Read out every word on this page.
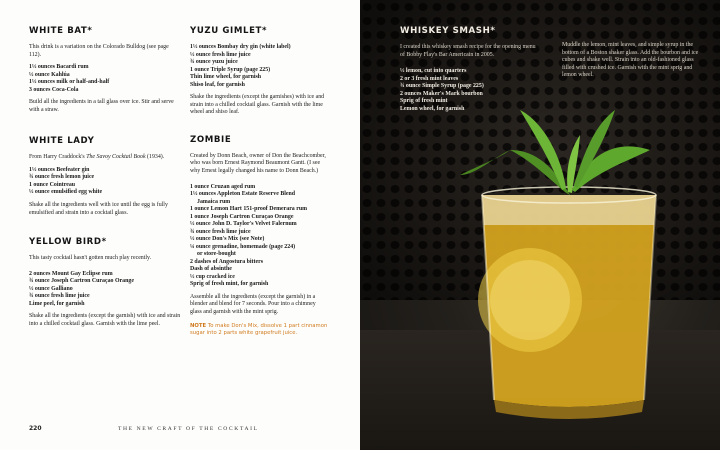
WHITE BAT*
This drink is a variation on the Colorado Bulldog (see page 112).
1½ ounces Bacardi rum
½ ounce Kahlúa
1½ ounces milk or half-and-half
3 ounces Coca-Cola
Build all the ingredients in a tall glass over ice. Stir and serve with a straw.
WHITE LADY
From Harry Craddock's The Savoy Cocktail Book (1934).
1½ ounces Beefeater gin
¾ ounce fresh lemon juice
1 ounce Cointreau
½ ounce emulsified egg white
Shake all the ingredients well with ice until the egg is fully emulsified and strain into a cocktail glass.
YELLOW BIRD*
This tasty cocktail hasn't gotten much play recently.
2 ounces Mount Gay Eclipse rum
¾ ounce Joseph Cartron Curaçao Orange
½ ounce Galliano
¾ ounce fresh lime juice
Lime peel, for garnish
Shake all the ingredients (except the garnish) with ice and strain into a chilled cocktail glass. Garnish with the lime peel.
YUZU GIMLET*
1½ ounces Bombay dry gin (white label)
½ ounce fresh lime juice
¾ ounce yuzu juice
1 ounce Triple Syrup (page 225)
Thin lime wheel, for garnish
Shiso leaf, for garnish
Shake the ingredients (except the garnishes) with ice and strain into a chilled cocktail glass. Garnish with the lime wheel and shiso leaf.
ZOMBIE
Created by Donn Beach, owner of Don the Beachcomber, who was born Ernest Raymond Beaumont Gantt. (I see why Ernest legally changed his name to Donn Beach.)
1 ounce Cruzan aged rum
1½ ounces Appleton Estate Reserve Blend
Jamaica rum
1 ounce Lemon Hart 151-proof Demerara rum
1 ounce Joseph Cartron Curaçao Orange
½ ounce John D. Taylor's Velvet Falernum
¾ ounce fresh lime juice
½ ounce Don's Mix (see Note)
¼ ounce grenadine, homemade (page 224)
or store-bought
2 dashes of Angostura bitters
Dash of absinthe
½ cup cracked ice
Sprig of fresh mint, for garnish
Assemble all the ingredients (except the garnish) in a blender and blend for 7 seconds. Pour into a chimney glass and garnish with the mint sprig.
NOTE To make Don's Mix, dissolve 1 part cinnamon sugar into 2 parts white grapefruit juice.
220	THE NEW CRAFT OF THE COCKTAIL
WHISKEY SMASH*
I created this whiskey smash recipe for the opening menu of Bobby Flay's Bar Americain in 2005.
½ lemon, cut into quarters
2 or 3 fresh mint leaves
¾ ounce Simple Syrup (page 225)
2 ounces Maker's Mark bourbon
Sprig of fresh mint
Lemon wheel, for garnish
Muddle the lemon, mint leaves, and simple syrup in the bottom of a Boston shaker glass. Add the bourbon and ice cubes and shake well. Strain into an old-fashioned glass filled with crushed ice. Garnish with the mint sprig and lemon wheel.
